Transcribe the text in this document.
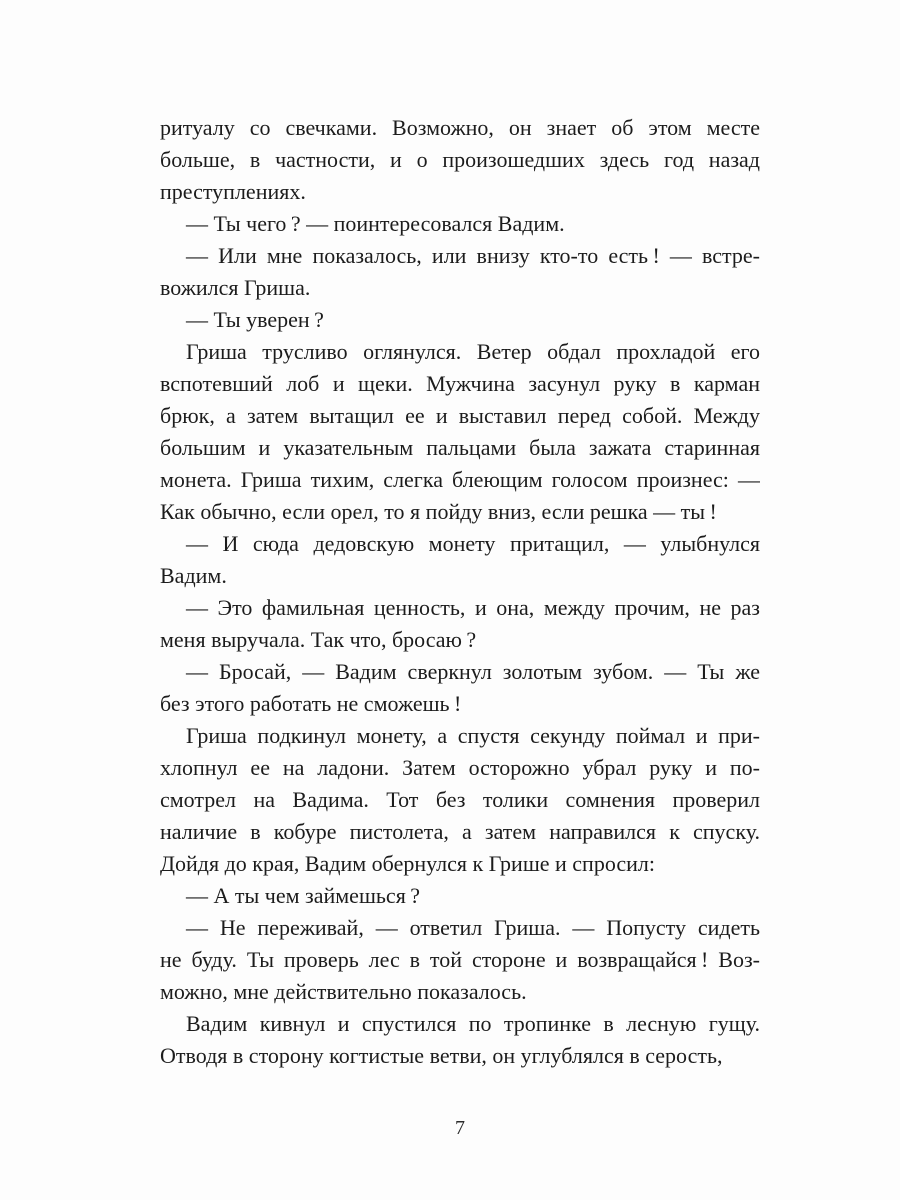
ритуалу со свечками. Возможно, он знает об этом месте
больше, в частности, и о произошедших здесь год назад
преступлениях.
— Ты чего ? — поинтересовался Вадим.
— Или мне показалось, или внизу кто-то есть ! — встре-
вожился Гриша.
— Ты уверен ?
Гриша трусливо оглянулся. Ветер обдал прохладой его
вспотевший лоб и щеки. Мужчина засунул руку в карман
брюк, а затем вытащил ее и выставил перед собой. Между
большим и указательным пальцами была зажата старинная
монета. Гриша тихим, слегка блеющим голосом произнес: —
Как обычно, если орел, то я пойду вниз, если решка — ты !
— И сюда дедовскую монету притащил, — улыбнулся
Вадим.
— Это фамильная ценность, и она, между прочим, не раз
меня выручала. Так что, бросаю ?
— Бросай, — Вадим сверкнул золотым зубом. — Ты же
без этого работать не сможешь !
Гриша подкинул монету, а спустя секунду поймал и при-
хлопнул ее на ладони. Затем осторожно убрал руку и по-
смотрел на Вадима. Тот без толики сомнения проверил
наличие в кобуре пистолета, а затем направился к спуску.
Дойдя до края, Вадим обернулся к Грише и спросил:
— А ты чем займешься ?
— Не переживай, — ответил Гриша. — Попусту сидеть
не буду. Ты проверь лес в той стороне и возвращайся ! Воз-
можно, мне действительно показалось.
Вадим кивнул и спустился по тропинке в лесную гущу.
Отводя в сторону когтистые ветви, он углублялся в серость,
7
